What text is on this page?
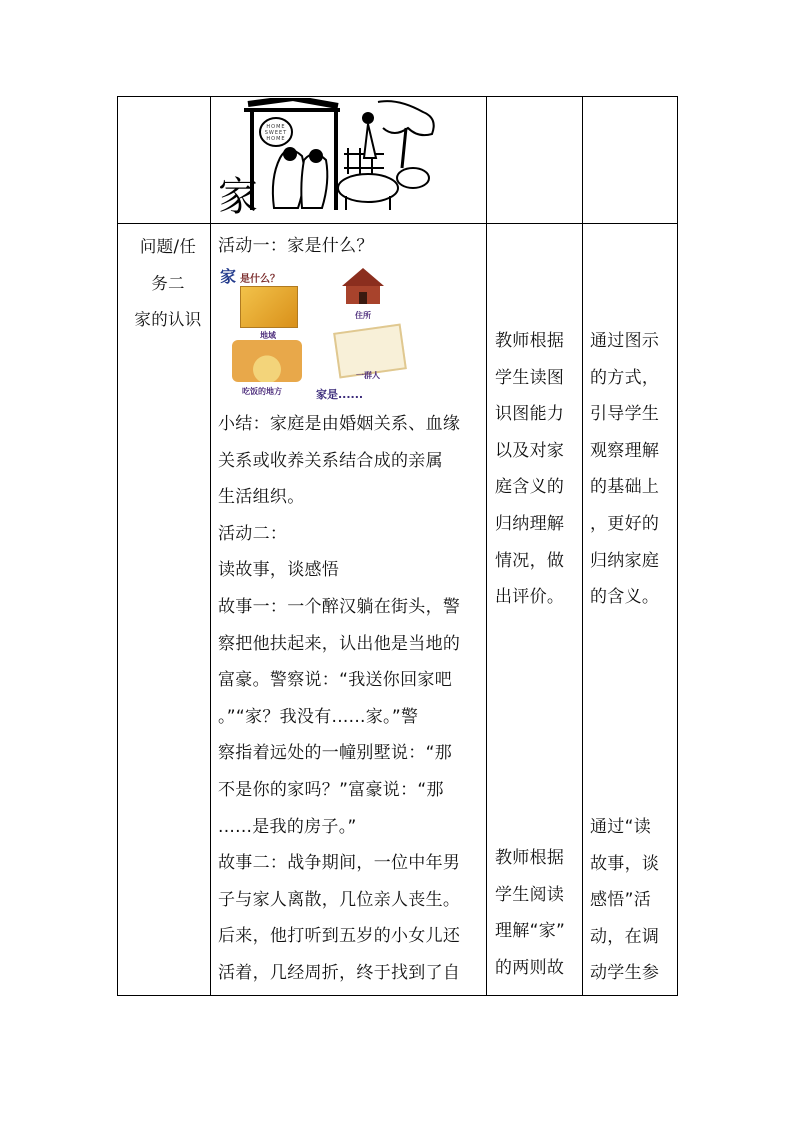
家
HOME SWEET HOME
问题/任
务二
家的认识
活动一：家是什么？
家 是什么？
地域
住所
吃饭的地方
一群人
家是......
小结：家庭是由婚姻关系、血缘
关系或收养关系结合成的亲属
生活组织。
活动二：
读故事，谈感悟
故事一：一个醉汉躺在街头，警
察把他扶起来，认出他是当地的
富豪。警察说：“我送你回家吧
。”“家？我没有......家。”警
察指着远处的一幢别墅说：“那
不是你的家吗？”富豪说：“那
......是我的房子。”
故事二：战争期间，一位中年男
子与家人离散，几位亲人丧生。
后来，他打听到五岁的小女儿还
活着，几经周折，终于找到了自
教师根据
学生读图
识图能力
以及对家
庭含义的
归纳理解
情况，做
出评价。
教师根据
学生阅读
理解“家”
的两则故
通过图示
的方式，
引导学生
观察理解
的基础上
，更好的
归纳家庭
的含义。
通过“读
故事，谈
感悟”活
动，在调
动学生参
